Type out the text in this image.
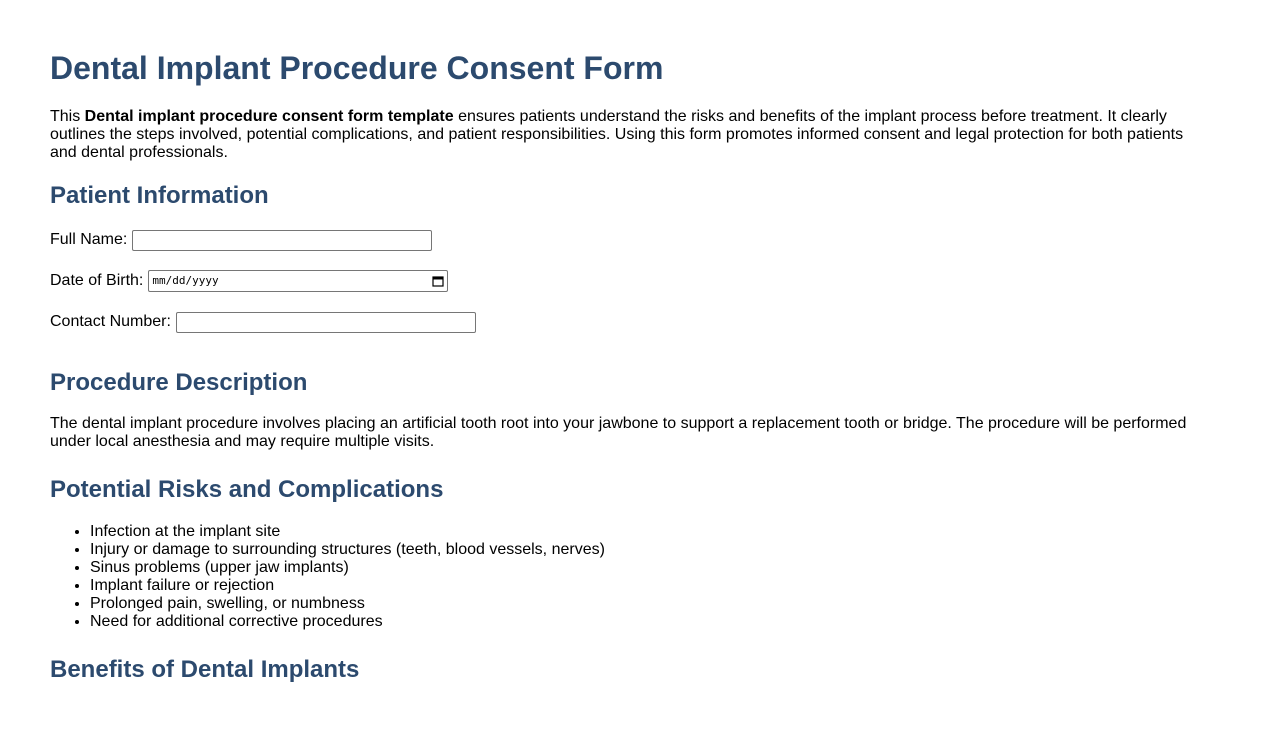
Dental Implant Procedure Consent Form

This Dental implant procedure consent form template ensures patients understand the risks and benefits of the implant process before treatment. It clearly outlines the steps involved, potential complications, and patient responsibilities. Using this form promotes informed consent and legal protection for both patients and dental professionals.

Patient Information
Full Name:
Date of Birth: mm/dd/yyyy
Contact Number:
Procedure Description

The dental implant procedure involves placing an artificial tooth root into your jawbone to support a replacement tooth or bridge. The procedure will be performed under local anesthesia and may require multiple visits.

Potential Risks and Complications
• Infection at the implant site
• Injury or damage to surrounding structures (teeth, blood vessels, nerves)
• Sinus problems (upper jaw implants)
• Implant failure or rejection
• Prolonged pain, swelling, or numbness
• Need for additional corrective procedures
Benefits of Dental Implants
